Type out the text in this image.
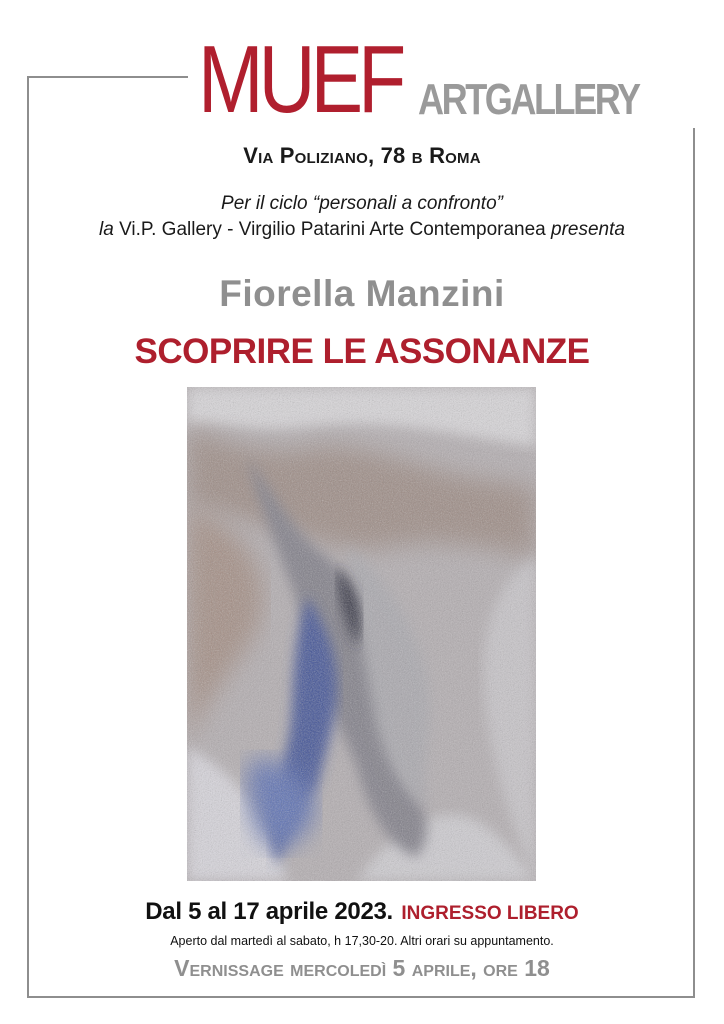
MUEF ARTGALLERY
Via Poliziano, 78 b Roma
Per il ciclo “personali a confronto”
la Vi.P. Gallery - Virgilio Patarini Arte Contemporanea presenta
Fiorella Manzini
SCOPRIRE LE ASSONANZE
Dal 5 al 17 aprile 2023. INGRESSO LIBERO
Aperto dal martedì al sabato, h 17,30-20. Altri orari su appuntamento.
Vernissage mercoledì 5 aprile, ore 18
